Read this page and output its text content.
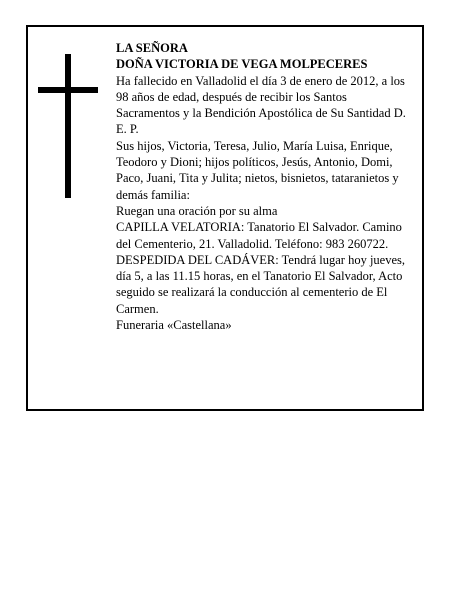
LA SEÑORA

DOÑA VICTORIA DE VEGA MOLPECERES

Ha fallecido en Valladolid el día 3 de enero de 2012, a los 98 años de edad, después de recibir los Santos Sacramentos y la Bendición Apostólica de Su Santidad D. E. P.

Sus hijos, Victoria, Teresa, Julio, María Luisa, Enrique, Teodoro y Dioni; hijos políticos, Jesús, Antonio, Domi, Paco, Juani, Tita y Julita; nietos, bisnietos, tataranietos y demás familia:

Ruegan una oración por su alma

CAPILLA VELATORIA: Tanatorio El Salvador. Camino del Cementerio, 21. Valladolid. Teléfono: 983 260722.

DESPEDIDA DEL CADÁVER: Tendrá lugar hoy jueves, día 5, a las 11.15 horas, en el Tanatorio El Salvador, Acto seguido se realizará la conducción al cementerio de El Carmen.

Funeraria «Castellana»
